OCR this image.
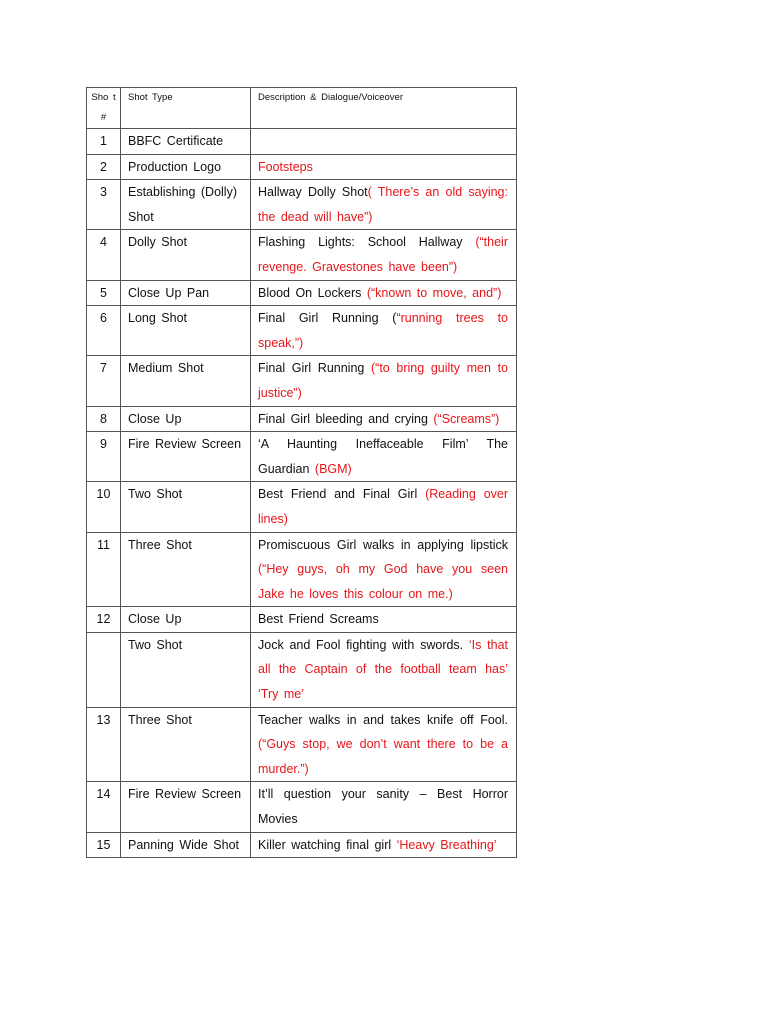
Sho t #	Shot Type	Description & Dialogue/Voiceover

1	BBFC Certificate	

2	Production Logo	Footsteps

3	Establishing (Dolly) Shot	Hallway Dolly Shot( There’s an old saying: the dead will have”)

4	Dolly Shot	Flashing Lights: School Hallway (“their revenge. Gravestones have been”)

5	Close Up Pan	Blood On Lockers (“known to move, and”)

6	Long Shot	Final Girl Running (“running trees to speak,”)

7	Medium Shot	Final Girl Running (“to bring guilty men to justice”)

8	Close Up	Final Girl bleeding and crying (“Screams”)

9	Fire Review Screen	‘A Haunting Ineffaceable Film’ The Guardian (BGM)

10	Two Shot	Best Friend and Final Girl (Reading over lines)

11	Three Shot	Promiscuous Girl walks in applying lipstick (“Hey guys, oh my God have you seen Jake he loves this colour on me.)

12	Close Up	Best Friend Screams

	Two Shot	Jock and Fool fighting with swords. ‘Is that all the Captain of the football team has’ ‘Try me’

13	Three Shot	Teacher walks in and takes knife off Fool. (“Guys stop, we don’t want there to be a murder.”)

14	Fire Review Screen	It’ll question your sanity – Best Horror Movies

15	Panning Wide Shot	Killer watching final girl ‘Heavy Breathing’
